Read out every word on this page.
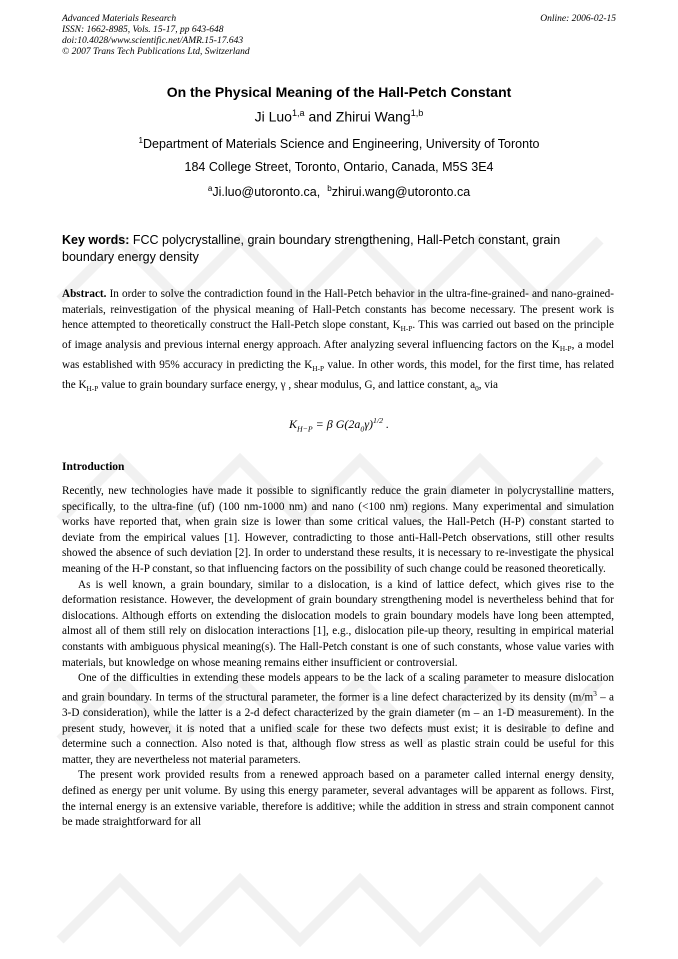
Advanced Materials Research
ISSN: 1662-8985, Vols. 15-17, pp 643-648
doi:10.4028/www.scientific.net/AMR.15-17.643
© 2007 Trans Tech Publications Ltd, Switzerland
Online: 2006-02-15
On the Physical Meaning of the Hall-Petch Constant
Ji Luo$^{1,a}$ and Zhirui Wang$^{1,b}$
$^1$Department of Materials Science and Engineering, University of Toronto
184 College Street, Toronto, Ontario, Canada, M5S 3E4
$^a$Ji.luo@utoronto.ca, $^b$zhirui.wang@utoronto.ca
Key words: FCC polycrystalline, grain boundary strengthening, Hall-Petch constant, grain boundary energy density
Abstract. In order to solve the contradiction found in the Hall-Petch behavior in the ultra-fine-grained- and nano-grained- materials, reinvestigation of the physical meaning of Hall-Petch constants has become necessary. The present work is hence attempted to theoretically construct the Hall-Petch slope constant, $K_{H-P}$. This was carried out based on the principle of image analysis and previous internal energy approach. After analyzing several influencing factors on the $K_{H-P}$, a model was established with 95% accuracy in predicting the $K_{H-P}$ value. In other words, this model, for the first time, has related the $K_{H-P}$ value to grain boundary surface energy, γ , shear modulus, G, and lattice constant, $a_0$, via
$K_{H-P} = \beta$ $G(2a_0\gamma)^{1/2}$ .
Introduction

Recently, new technologies have made it possible to significantly reduce the grain diameter in polycrystalline matters, specifically, to the ultra-fine (uf) (100 nm-1000 nm) and nano (<100 nm) regions. Many experimental and simulation works have reported that, when grain size is lower than some critical values, the Hall-Petch (H-P) constant started to deviate from the empirical values [1]. However, contradicting to those anti-Hall-Petch observations, still other results showed the absence of such deviation [2]. In order to understand these results, it is necessary to re-investigate the physical meaning of the H-P constant, so that influencing factors on the possibility of such change could be reasoned theoretically.

As is well known, a grain boundary, similar to a dislocation, is a kind of lattice defect, which gives rise to the deformation resistance. However, the development of grain boundary strengthening model is nevertheless behind that for dislocations. Although efforts on extending the dislocation models to grain boundary models have long been attempted, almost all of them still rely on dislocation interactions [1], e.g., dislocation pile-up theory, resulting in empirical material constants with ambiguous physical meaning(s). The Hall-Petch constant is one of such constants, whose value varies with materials, but knowledge on whose meaning remains either insufficient or controversial.

One of the difficulties in extending these models appears to be the lack of a scaling parameter to measure dislocation and grain boundary. In terms of the structural parameter, the former is a line defect characterized by its density ($m/m^3$ – a 3-D consideration), while the latter is a 2-d defect characterized by the grain diameter (m – an 1-D measurement). In the present study, however, it is noted that a unified scale for these two defects must exist; it is desirable to define and determine such a connection. Also noted is that, although flow stress as well as plastic strain could be useful for this matter, they are nevertheless not material parameters.

The present work provided results from a renewed approach based on a parameter called internal energy density, defined as energy per unit volume. By using this energy parameter, several advantages will be apparent as follows. First, the internal energy is an extensive variable, therefore is additive; while the addition in stress and strain component cannot be made straightforward for all
